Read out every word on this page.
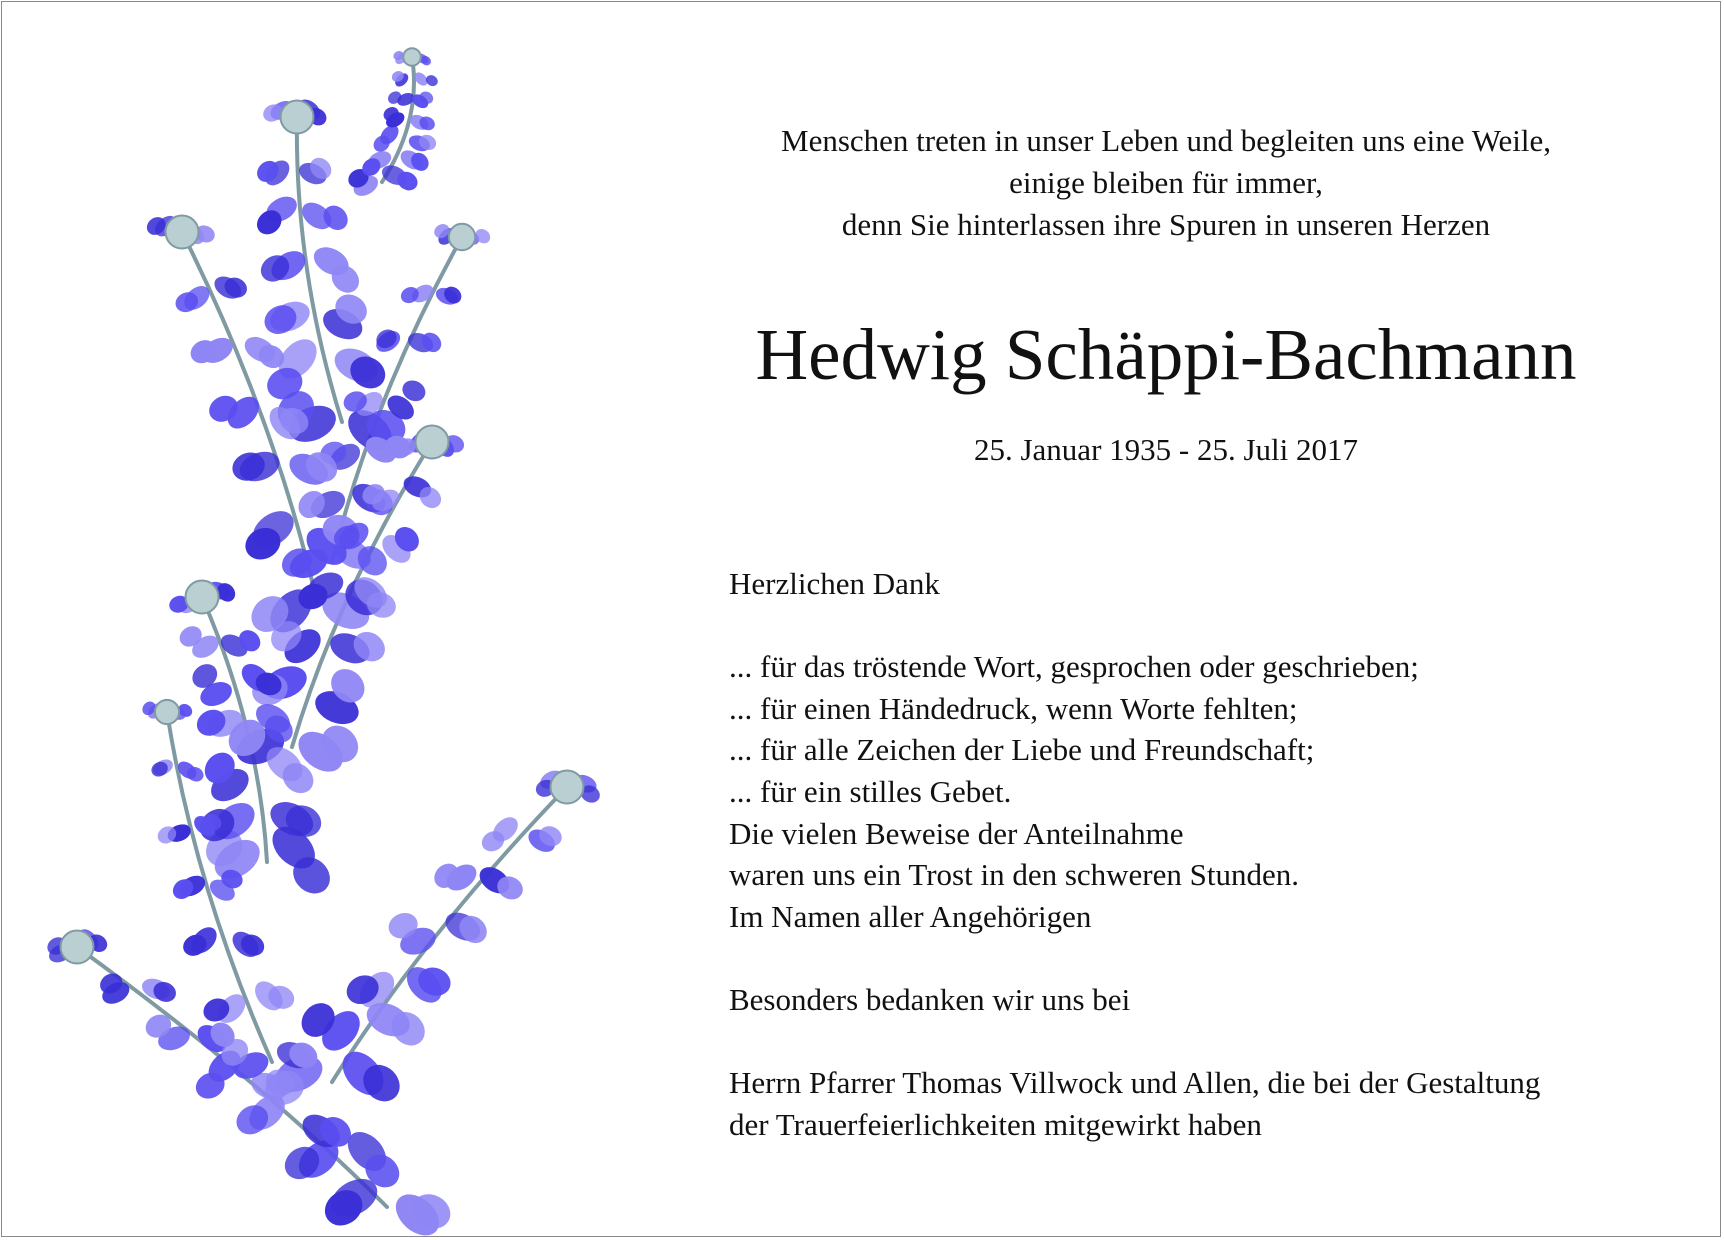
Menschen treten in unser Leben und begleiten uns eine Weile,
einige bleiben für immer,
denn Sie hinterlassen ihre Spuren in unseren Herzen
Hedwig Schäppi-Bachmann
25. Januar 1935 - 25. Juli 2017
Herzlichen Dank
... für das tröstende Wort, gesprochen oder geschrieben;
... für einen Händedruck, wenn Worte fehlten;
... für alle Zeichen der Liebe und Freundschaft;
... für ein stilles Gebet.
Die vielen Beweise der Anteilnahme
waren uns ein Trost in den schweren Stunden.
Im Namen aller Angehörigen
Besonders bedanken wir uns bei
Herrn Pfarrer Thomas Villwock und Allen, die bei der Gestaltung
der Trauerfeierlichkeiten mitgewirkt haben
